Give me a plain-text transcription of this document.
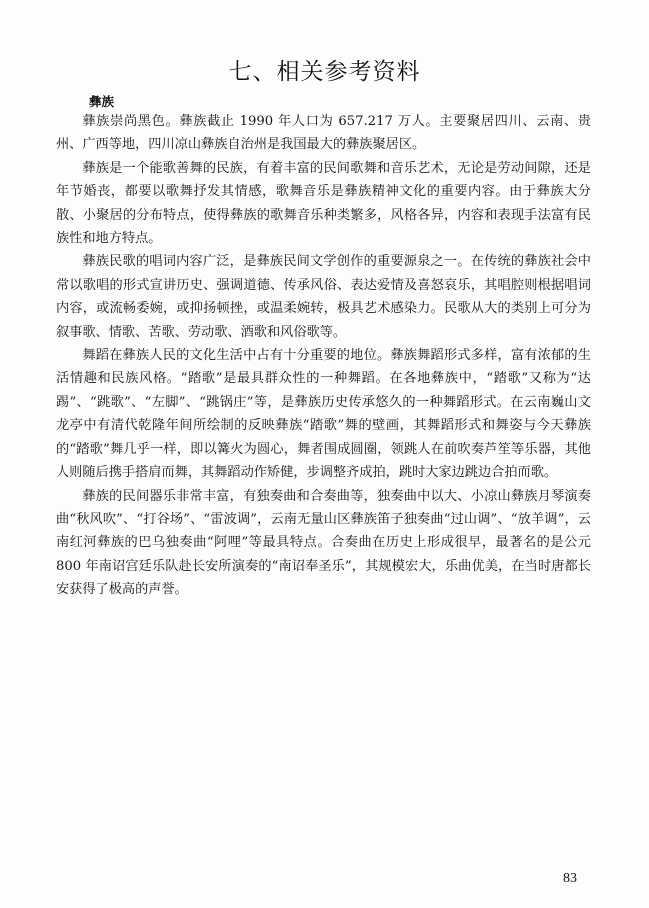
七、相关参考资料
彝族

彝族崇尚黑色。彝族截止 1990 年人口为 657.217 万人。主要聚居四川、云南、贵州、广西等地，四川凉山彝族自治州是我国最大的彝族聚居区。

彝族是一个能歌善舞的民族，有着丰富的民间歌舞和音乐艺术，无论是劳动间隙，还是年节婚丧，都要以歌舞抒发其情感，歌舞音乐是彝族精神文化的重要内容。由于彝族大分散、小聚居的分布特点，使得彝族的歌舞音乐种类繁多，风格各异，内容和表现手法富有民族性和地方特点。

彝族民歌的唱词内容广泛，是彝族民间文学创作的重要源泉之一。在传统的彝族社会中常以歌唱的形式宣讲历史、强调道德、传承风俗、表达爱情及喜怒哀乐，其唱腔则根据唱词内容，或流畅委婉，或抑扬顿挫，或温柔婉转，极具艺术感染力。民歌从大的类别上可分为叙事歌、情歌、苦歌、劳动歌、酒歌和风俗歌等。

舞蹈在彝族人民的文化生活中占有十分重要的地位。彝族舞蹈形式多样，富有浓郁的生活情趣和民族风格。“踏歌”是最具群众性的一种舞蹈。在各地彝族中，“踏歌”又称为“达踢”、“跳歌”、“左脚”、“跳锅庄”等，是彝族历史传承悠久的一种舞蹈形式。在云南巍山文龙亭中有清代乾隆年间所绘制的反映彝族“踏歌”舞的壁画，其舞蹈形式和舞姿与今天彝族的“踏歌”舞几乎一样，即以篝火为圆心，舞者围成圆圈，领跳人在前吹奏芦笙等乐器，其他人则随后携手搭肩而舞，其舞蹈动作矫健，步调整齐成拍，跳时大家边跳边合拍而歌。

彝族的民间器乐非常丰富，有独奏曲和合奏曲等，独奏曲中以大、小凉山彝族月琴演奏曲“秋风吹”、“打谷场”、“雷波调”，云南无量山区彝族笛子独奏曲“过山调”、“放羊调”，云南红河彝族的巴乌独奏曲“阿哩”等最具特点。合奏曲在历史上形成很早，最著名的是公元 800 年南诏宫廷乐队赴长安所演奏的“南诏奉圣乐”，其规模宏大，乐曲优美，在当时唐都长安获得了极高的声誉。

83
